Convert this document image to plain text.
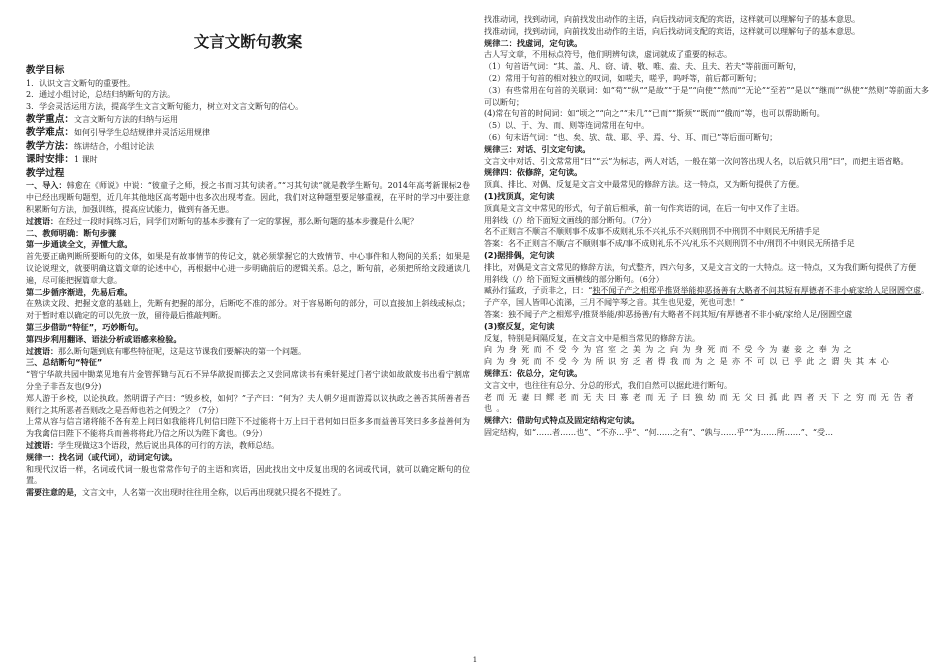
文言文断句教案
教学目标

1．认识文言文断句的重要性。

2．通过小组讨论，总结归纳断句的方法。

3．学会灵活运用方法，提高学生文言文断句能力，树立对文言文断句的信心。

教学重点：文言文断句方法的归纳与运用

教学难点：如何引导学生总结规律并灵活运用规律

教学方法：练讲结合，小组讨论法

课时安排：1 课时

教学过程

一、导入：韩愈在《师说》中说：“彼童子之师，授之书而习其句读者。”“习其句读”就是教学生断句。2014年高考新课标2卷中已经出现断句题型，近几年其他地区高考题中也多次出现考查。因此，我们对这种题型要足够重视，在平时的学习中要注意积累断句方法，加强训练，提高应试能力，做到有备无患。

过渡语：在经过一段时间练习后，同学们对断句的基本步骤有了一定的掌握，那么断句题的基本步骤是什么呢？

二、教师明确：断句步骤
第一步通读全文，弄懂大意。

首先要正确判断所要断句的文体，如果是有故事情节的传记文，就必须掌握它的大致情节、中心事件和人物间的关系；如果是议论说理文，就要明确这篇文章的论述中心，再根据中心进一步明确前后的逻辑关系。总之，断句前，必须把所给文段通读几遍，尽可能把握篇章大意。

第二步循序渐进，先易后难。

在熟读文段、把握文意的基础上，先断有把握的部分，后断吃不准的部分。对于容易断句的部分，可以直接加上斜线或标点；对于暂时难以确定的可以先放一放，留待最后推敲判断。

第三步借助“特征”，巧妙断句。
第四步利用翻译、语法分析或语感来检验。

过渡语：那么断句题到底有哪些特征呢，这是这节课我们要解决的第一个问题。

三、总结断句“特征”

“管宁华歆共园中锄菜见地有片金管挥锄与瓦石不异华歆捉而掷去之又尝同席读书有乘轩冕过门者宁读如故歆废书出看宁割席分坐子非吾友也(9分)

郑人游于乡校，以论执政。然明谓子产曰：“毁乡校，如何？”子产曰：“何为？夫人朝夕退而游焉以议执政之善否其所善者吾则行之其所恶者吾则改之是吾师也若之何毁之？（7分）

上常从容与信言诸将能不各有差上问曰如我能将几何信曰陛下不过能将十万上曰于君何如曰臣多多而益善耳笑曰多多益善何为为我禽信曰陛下不能将兵而善将将此乃信之所以为陛下禽也。（9分）

过渡语：学生现做这3个语段，然后说出具体的可行的方法，教师总结。

规律一：找名词（或代词），动词定句读。

和现代汉语一样，名词或代词一般也常常作句子的主语和宾语，因此找出文中反复出现的名词或代词，就可以确定断句的位置。

需要注意的是，文言文中，人名第一次出现时往往用全称，以后再出现就只提名不提姓了。

找准动词，找到动词，向前找发出动作的主语，向后找动词支配的宾语，这样就可以理解句子的基本意思。

找准动词，找到动词，向前找发出动作的主语，向后找动词支配的宾语，这样就可以理解句子的基本意思。

规律二：找虚词，定句读。

古人写文章，不用标点符号，他们明辨句读，虚词就成了重要的标志。

（1）句首语气词：“其、盖、凡、窃、请、敬、唯、盍、夫、且夫、若夫”等前面可断句，

（2）常用于句首的相对独立的叹词，如嗟夫，嗟乎，呜呼等，前后都可断句；

（3）有些常用在句首的关联词：如“苟”“纵”“是故”“于是”“向使”“然而”“无论”“至若”“是以”“继而”“纵使”“然则”等前面大多可以断句；

(4)常在句首的时间词：如“顷之”“向之”“未几”“已而”“斯须”“既而”“俄而”等，也可以帮助断句。

（5）以、于、为、而、则等连词常用在句中。

（6）句末语气词：“也、矣、欤、哉、耶、乎、焉、兮、耳、而已”等后面可断句；

规律三：对话、引文定句读。

文言文中对话、引文常常用“曰”“云”为标志，两人对话，一般在第一次问答出现人名，以后就只用“曰”，而把主语省略。

规律四：依修辞，定句读。

顶真、排比、对偶、反复是文言文中最常见的修辞方法。这一特点，又为断句提供了方便。

(1)找顶真，定句读

顶真是文言文中常见的形式，句子前后相承，前一句作宾语的词，在后一句中又作了主语。

用斜线（/）给下面短文画线的部分断句。（7分）

名不正则言不顺言不顺则事不成事不成则礼乐不兴礼乐不兴则刑罚不中刑罚不中则民无所措手足

答案：名不正则言不顺/言不顺则事不成/事不成则礼乐不兴/礼乐不兴则刑罚不中/刑罚不中则民无所措手足

(2)据排偶，定句读

排比，对偶是文言文常见的修辞方法，句式整齐，四六句多，又是文言文的一大特点。这一特点，又为我们断句提供了方便

用斜线（/）给下面短文画横线的部分断句。（6分）

臧孙行猛政，子贡非之，曰：“独不闻子产之相郑乎推贤举能抑恶扬善有大略者不问其短有厚德者不非小疵家给人足囹圄空虚。子产卒，国人皆叩心流涕，三月不闻竽琴之音。其生也见爱，死也可悲！”

答案：独不闻子产之相郑乎/推贤举能/抑恶扬善/有大略者不问其短/有厚德者不非小疵/家给人足/囹圄空虚

(3)察反复，定句读

反复，特别是间隔反复，在文言文中是相当常见的修辞方法。

向为身死而不受今为宫室之美为之向为身死而不受今为妻妾之奉为之

向为身死而不受今为所识穷乏者得我而为之是亦不可以已乎此之谓失其本心

规律五：依总分，定句读。

文言文中，也往往有总分、分总的形式，我们自然可以据此进行断句。

老而无妻曰鳏老而无夫曰寡老而无子曰独幼而无父曰孤此四者天下之穷而无告者也。

规律六：借助句式特点及固定结构定句读。

固定结构，如“……者……也”、“不亦…乎”、“何……之有”、“孰与……乎”“为……所……”、“受…

1
